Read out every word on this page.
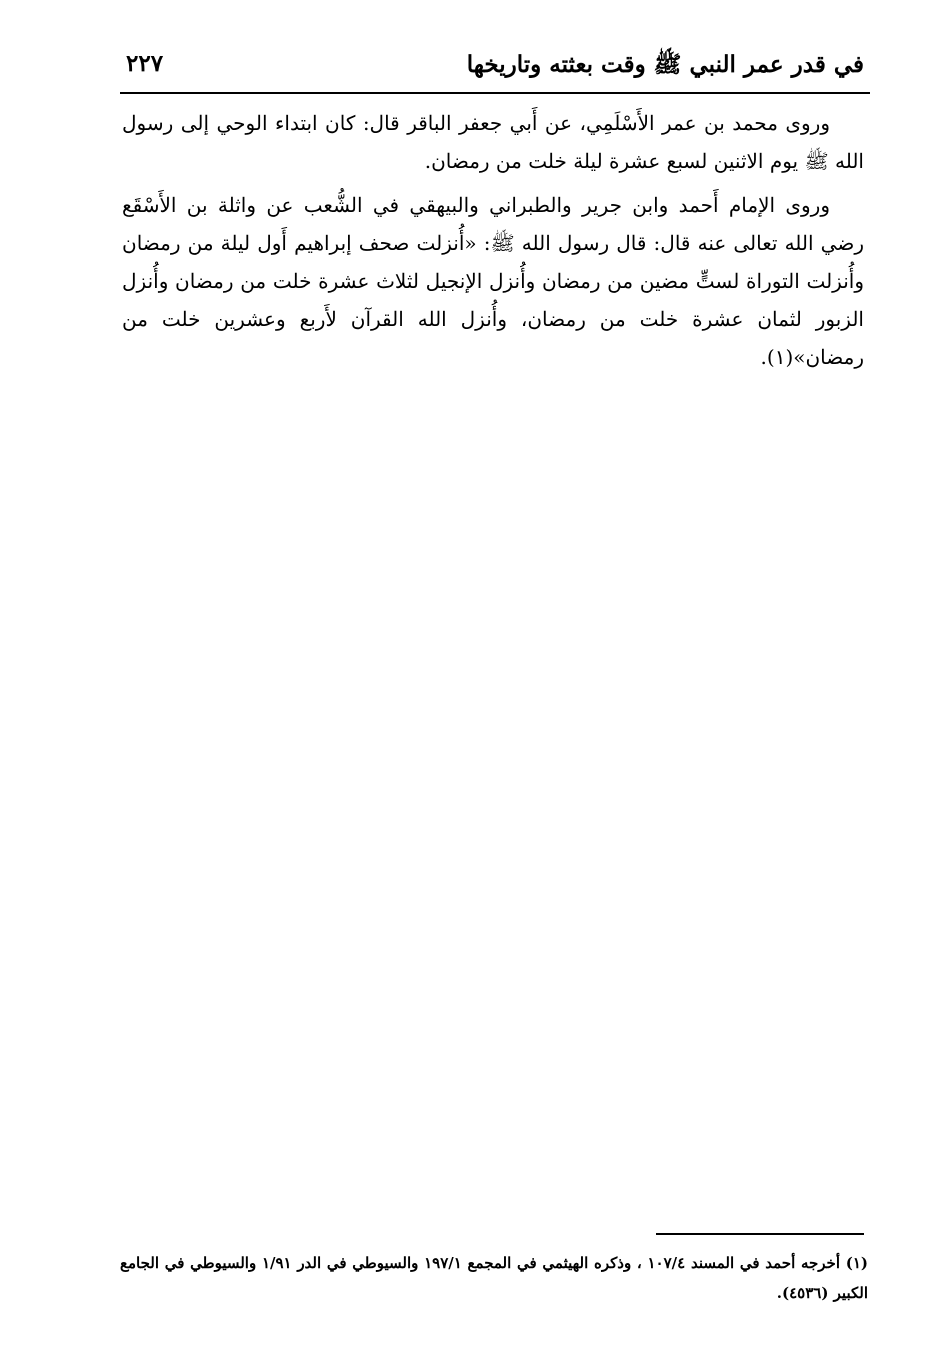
في قدر عمر النبي ﷺ وقت بعثته وتاريخها
٢٢٧

وروى محمد بن عمر الأَسْلَمِي، عن أَبي جعفر الباقر قال: كان ابتداء الوحي إلى رسول الله ﷺ يوم الاثنين لسبع عشرة ليلة خلت من رمضان.

وروى الإمام أَحمد وابن جرير والطبراني والبيهقي في الشُّعب عن واثلة بن الأَسْقَع رضي الله تعالى عنه قال: قال رسول الله ﷺ: «أُنزلت صحف إبراهيم أَول ليلة من رمضان وأُنزلت التوراة لستٍّ مضين من رمضان وأُنزل الإنجيل لثلاث عشرة خلت من رمضان وأُنزل الزبور لثمان عشرة خلت من رمضان، وأُنزل الله القرآن لأَربع وعشرين خلت من رمضان»(١).

(١) أخرجه أحمد في المسند ١٠٧/٤ ، وذكره الهيثمي في المجمع ١٩٧/١ والسيوطي في الدر ١/٩١ والسيوطي في الجامع الكبير (٤٥٣٦).
